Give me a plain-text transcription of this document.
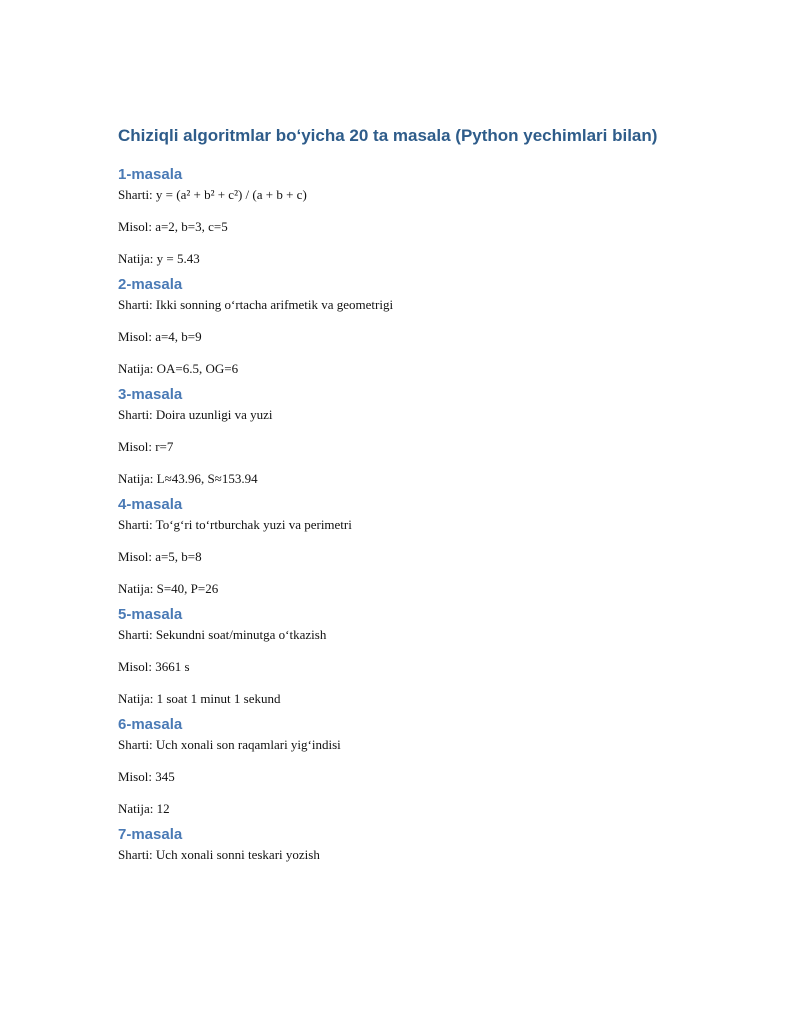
Chiziqli algoritmlar bo‘yicha 20 ta masala (Python yechimlari bilan)
1-masala

Sharti: y = (a² + b² + c²) / (a + b + c)

Misol: a=2, b=3, c=5

Natija: y = 5.43

2-masala

Sharti: Ikki sonning o‘rtacha arifmetik va geometrigi

Misol: a=4, b=9

Natija: OA=6.5, OG=6

3-masala

Sharti: Doira uzunligi va yuzi

Misol: r=7

Natija: L≈43.96, S≈153.94

4-masala

Sharti: To‘g‘ri to‘rtburchak yuzi va perimetri

Misol: a=5, b=8

Natija: S=40, P=26

5-masala

Sharti: Sekundni soat/minutga o‘tkazish

Misol: 3661 s

Natija: 1 soat 1 minut 1 sekund

6-masala

Sharti: Uch xonali son raqamlari yig‘indisi

Misol: 345

Natija: 12

7-masala

Sharti: Uch xonali sonni teskari yozish
